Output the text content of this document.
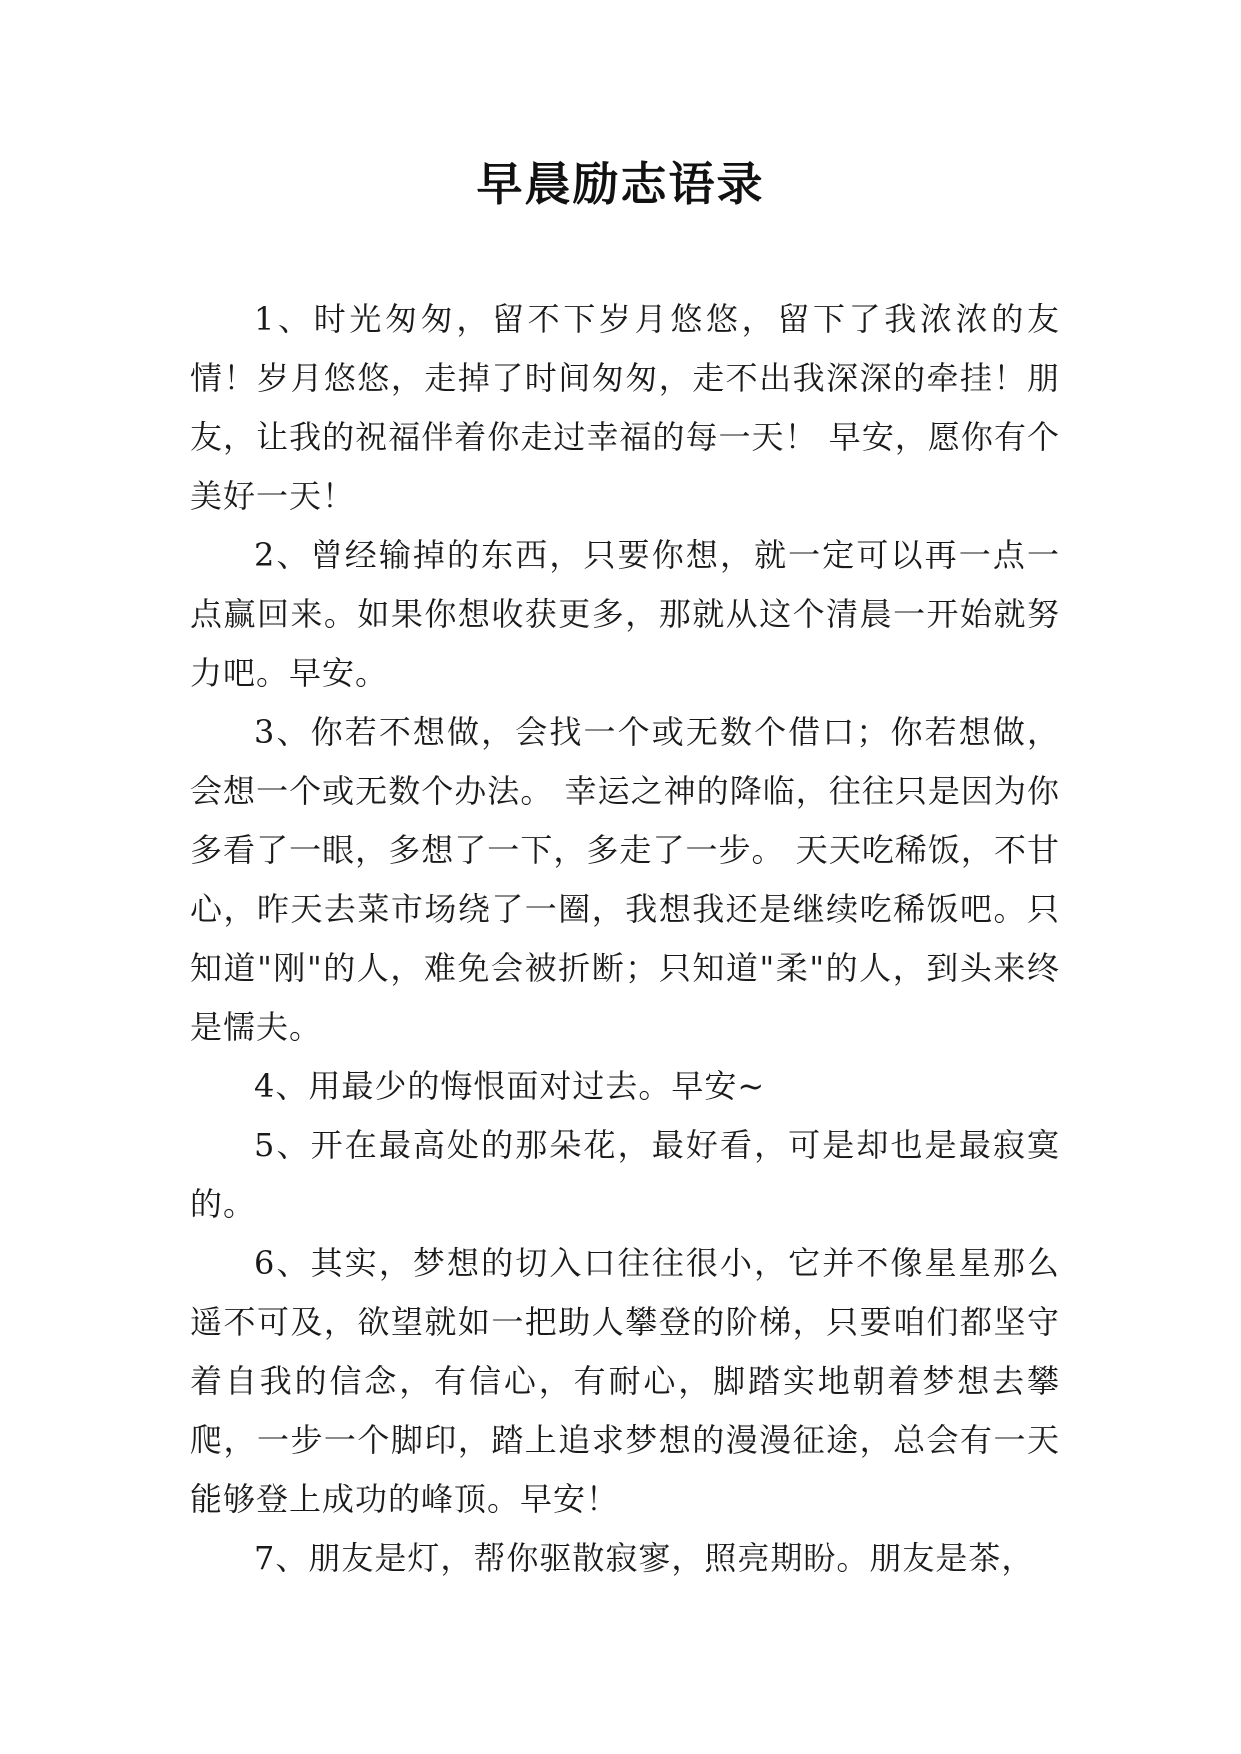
早晨励志语录

1、时光匆匆，留不下岁月悠悠，留下了我浓浓的友情！岁月悠悠，走掉了时间匆匆，走不出我深深的牵挂！朋友，让我的祝福伴着你走过幸福的每一天！ 早安，愿你有个美好一天！

2、曾经输掉的东西，只要你想，就一定可以再一点一点赢回来。如果你想收获更多，那就从这个清晨一开始就努力吧。早安。

3、你若不想做，会找一个或无数个借口；你若想做，会想一个或无数个办法。 幸运之神的降临，往往只是因为你多看了一眼，多想了一下，多走了一步。 天天吃稀饭，不甘心，昨天去菜市场绕了一圈，我想我还是继续吃稀饭吧。只知道"刚"的人，难免会被折断；只知道"柔"的人，到头来终是懦夫。

4、用最少的悔恨面对过去。早安~

5、开在最高处的那朵花，最好看，可是却也是最寂寞的。

6、其实，梦想的切入口往往很小，它并不像星星那么遥不可及，欲望就如一把助人攀登的阶梯，只要咱们都坚守着自我的信念，有信心，有耐心，脚踏实地朝着梦想去攀爬，一步一个脚印，踏上追求梦想的漫漫征途，总会有一天能够登上成功的峰顶。早安！

7、朋友是灯，帮你驱散寂寥，照亮期盼。朋友是茶，
